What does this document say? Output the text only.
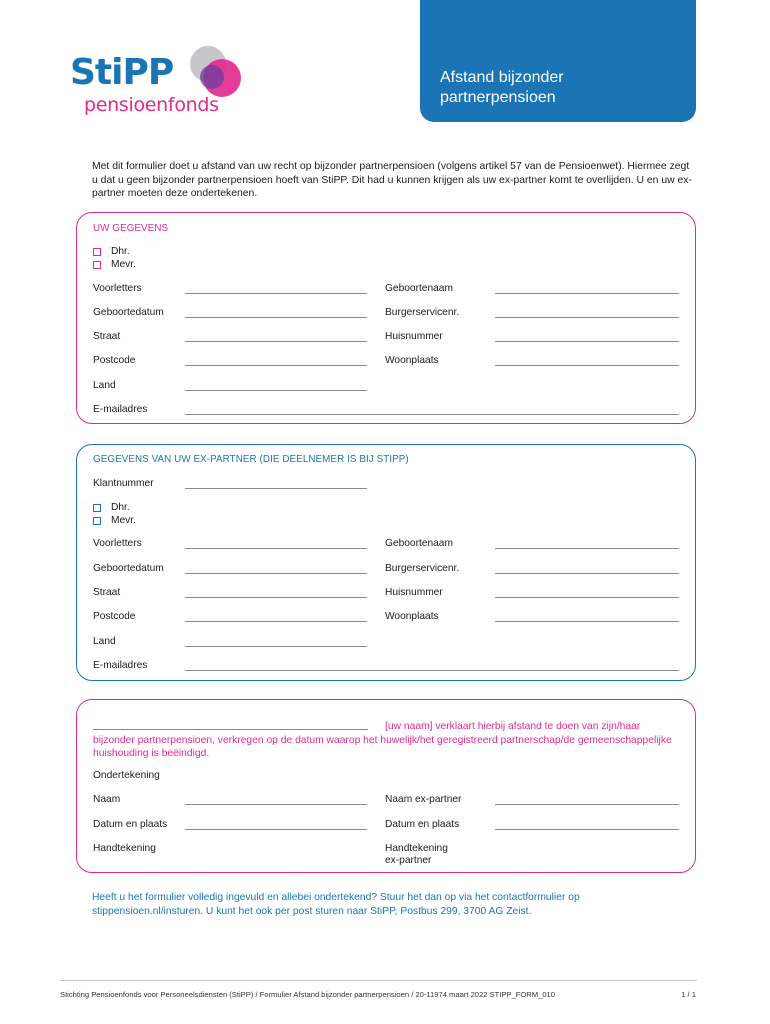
StiPP
pensioenfonds
Afstand bijzonder partnerpensioen
Met dit formulier doet u afstand van uw recht op bijzonder partnerpensioen (volgens artikel 57 van de Pensioenwet). Hiermee zegt u dat u geen bijzonder partnerpensioen hoeft van StiPP. Dit had u kunnen krijgen als uw ex-partner komt te overlijden. U en uw ex-partner moeten deze ondertekenen.
UW GEGEVENS
Dhr.
Mevr.
Voorletters	Geboortenaam
Geboortedatum	Burgerservicenr.
Straat	Huisnummer
Postcode	Woonplaats
Land
E-mailadres
GEGEVENS VAN UW EX-PARTNER (DIE DEELNEMER IS BIJ STIPP)
Klantnummer
Dhr.
Mevr.
Voorletters	Geboortenaam
Geboortedatum	Burgerservicenr.
Straat	Huisnummer
Postcode	Woonplaats
Land
E-mailadres
[uw naam] verklaart hierbij afstand te doen van zijn/haar bijzonder partnerpensioen, verkregen op de datum waarop het huwelijk/het geregistreerd partnerschap/de gemeenschappelijke huishouding is beëindigd.
Ondertekening
Naam	Naam ex-partner
Datum en plaats	Datum en plaats
Handtekening	Handtekening
ex-partner
Heeft u het formulier volledig ingevuld en allebei ondertekend? Stuur het dan op via het contactformulier op stippensioen.nl/insturen. U kunt het ook per post sturen naar StiPP, Postbus 299, 3700 AG Zeist.
Stichting Pensioenfonds voor Personeelsdiensten (StiPP) / Formulier Afstand bijzonder partnerpensioen / 20-11974 maart 2022 STIPP_FORM_010	1 / 1
